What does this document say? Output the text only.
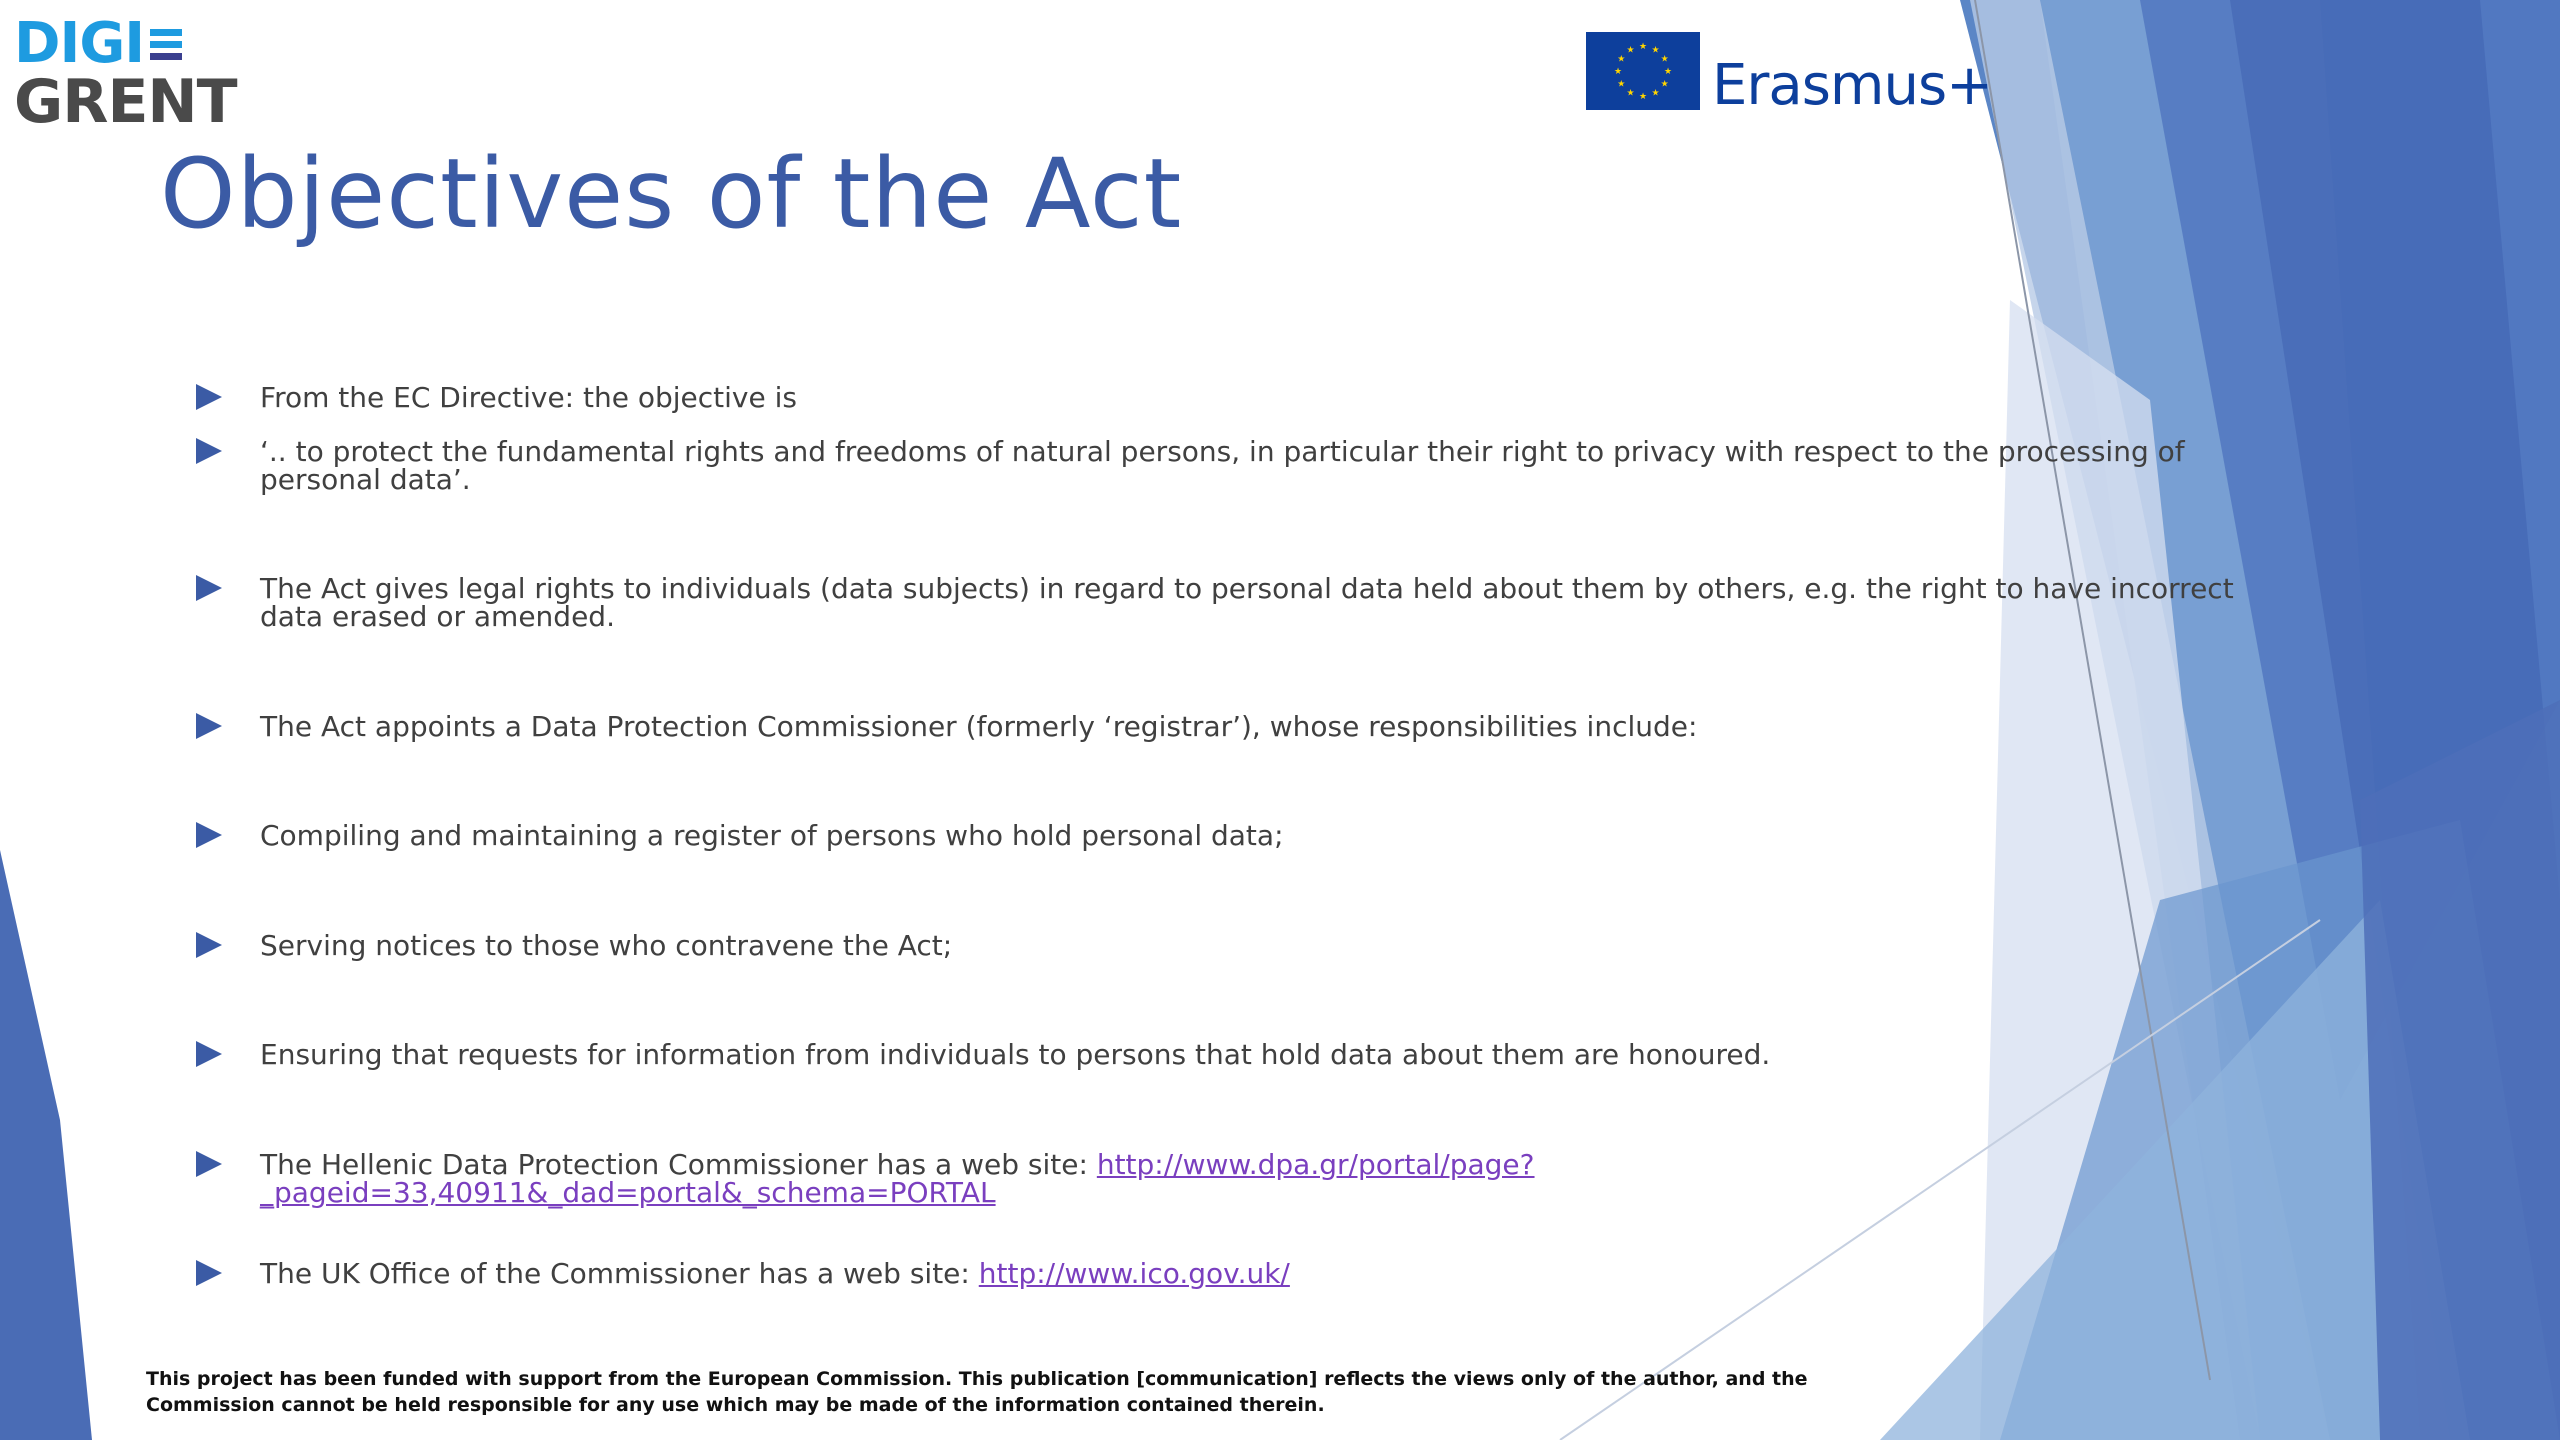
DIGI
GRENT
★ ★
★
★
★
★
★
★
★
★
★
★
Erasmus+
Objectives of the Act
From the EC Directive: the objective is
‘.. to protect the fundamental rights and freedoms of natural persons, in particular their right to privacy with respect to the processing of personal data’.
The Act gives legal rights to individuals (data subjects) in regard to personal data held about them by others, e.g. the right to have incorrect data erased or amended.
The Act appoints a Data Protection Commissioner (formerly ‘registrar’), whose responsibilities include:
Compiling and maintaining a register of persons who hold personal data;
Serving notices to those who contravene the Act;
Ensuring that requests for information from individuals to persons that hold data about them are honoured.
The Hellenic Data Protection Commissioner has a web site: http://www.dpa.gr/portal/page?_pageid=33,40911&_dad=portal&_schema=PORTAL
The UK Office of the Commissioner has a web site: http://www.ico.gov.uk/
This project has been funded with support from the European Commission. This publication [communication] reflects the views only of the author, and the Commission cannot be held responsible for any use which may be made of the information contained therein.
